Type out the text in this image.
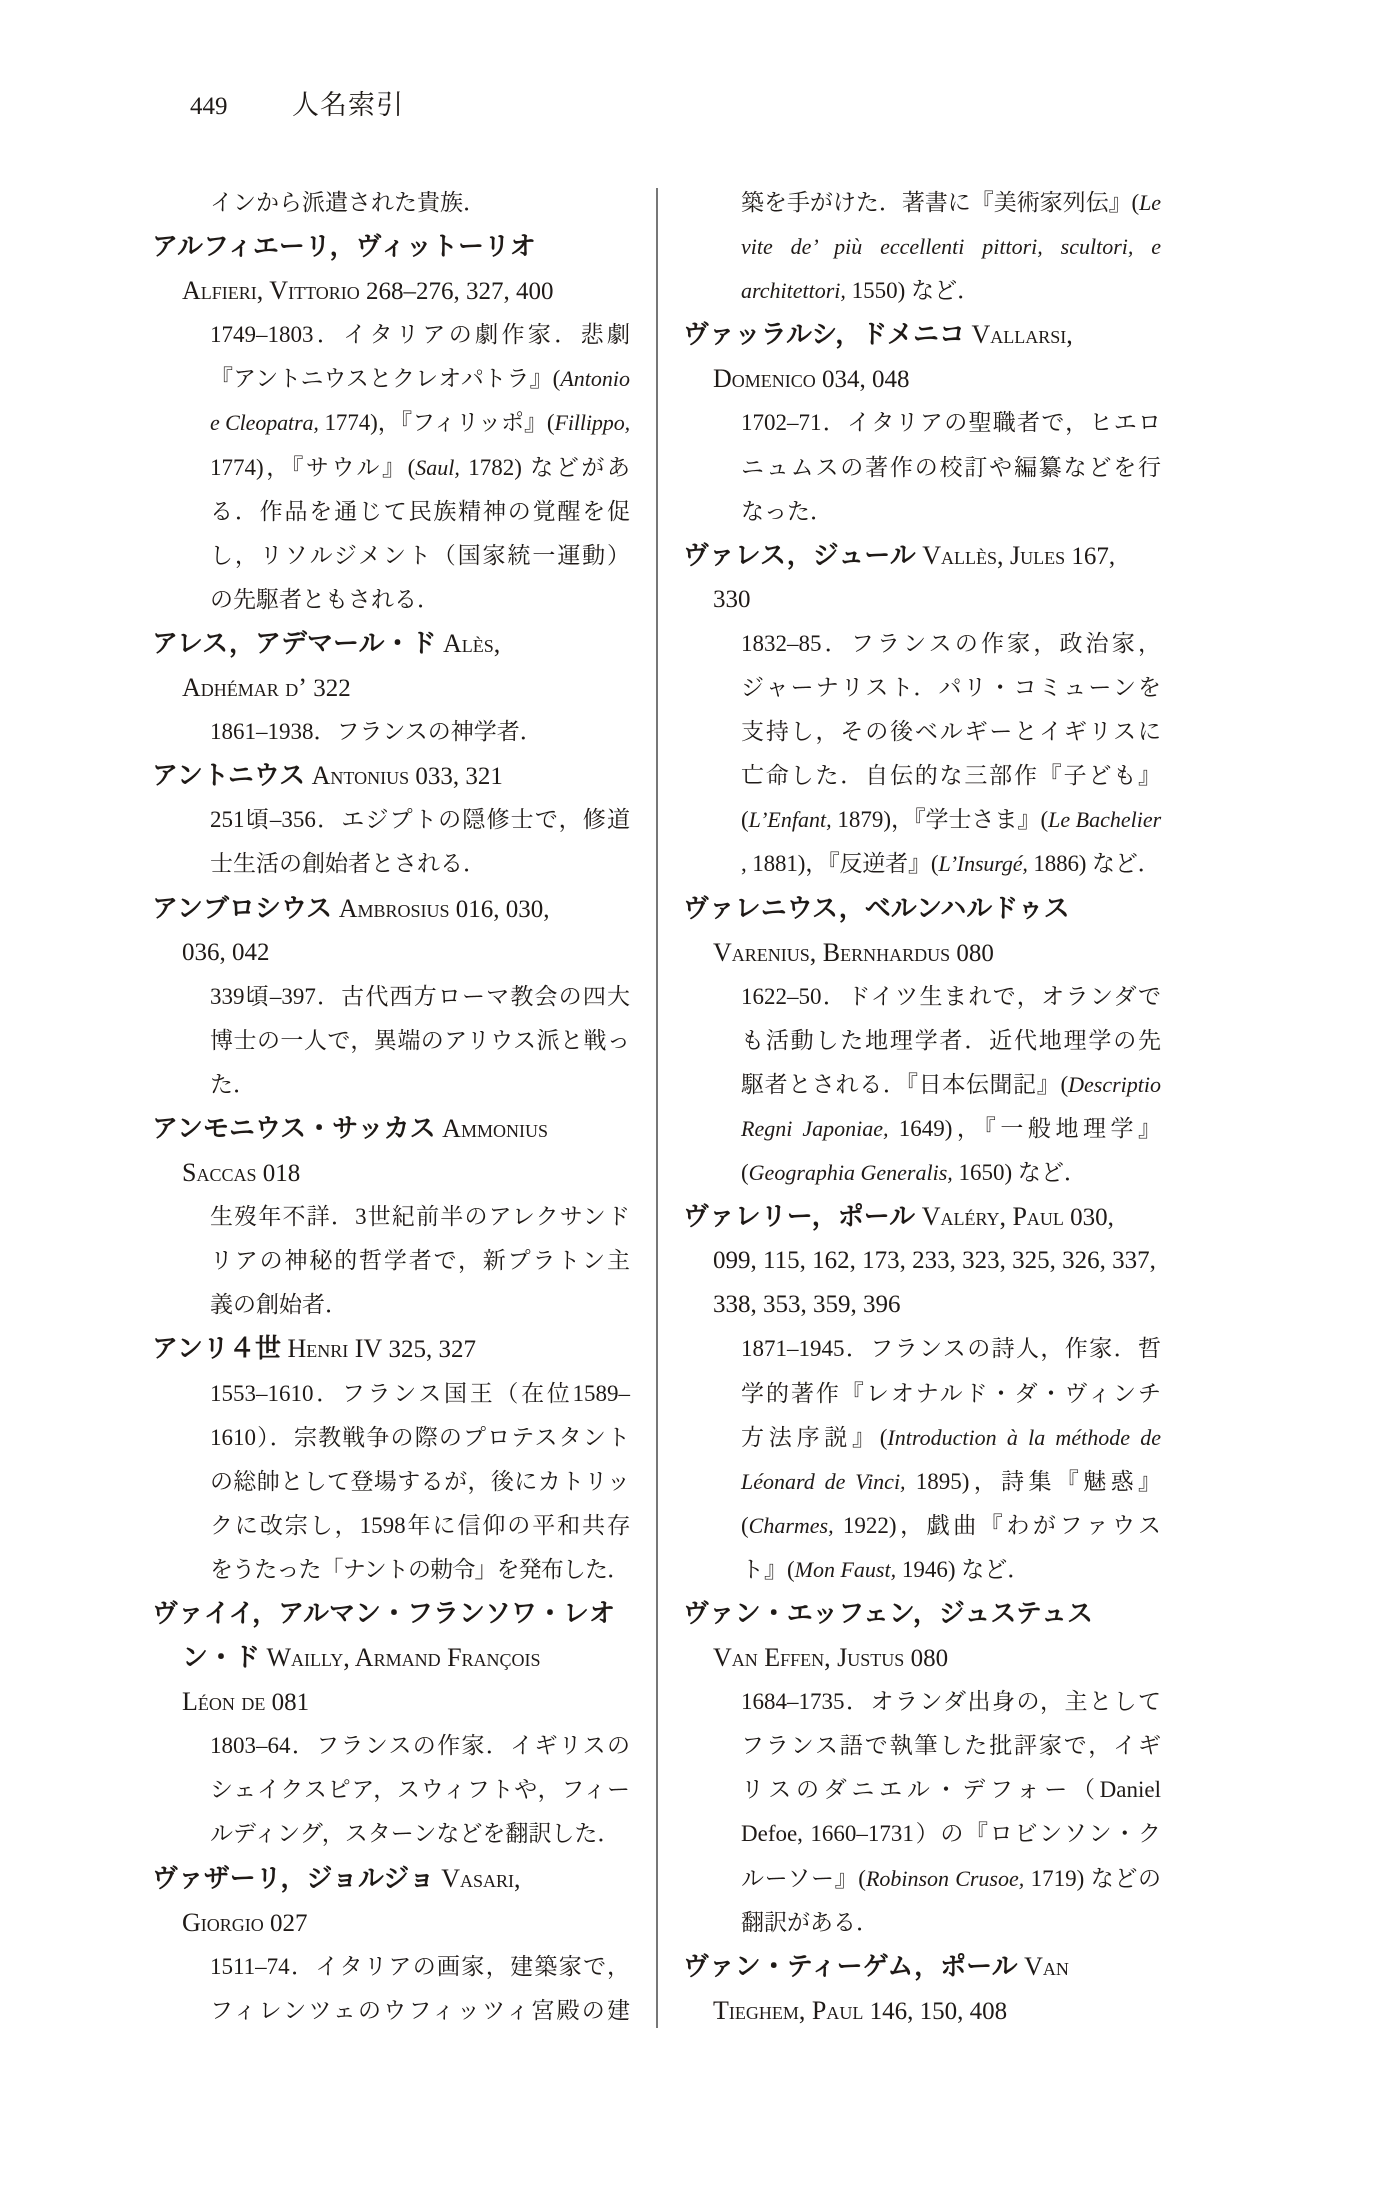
449 人名索引
インから派遣された貴族．
アルフィエーリ，ヴィットーリオ
Alfieri, Vittorio 268–276, 327, 400
1749–1803．イタリアの劇作家．悲劇
『アントニウスとクレオパトラ』(Antonio
e Cleopatra, 1774)，『フィリッポ』(Fillippo,
1774)，『サウル』(Saul, 1782) などがあ
る．作品を通じて民族精神の覚醒を促
し，リソルジメント（国家統一運動）
の先駆者ともされる．
アレス，アデマール・ド Alès,
Adhémar d’ 322
1861–1938．フランスの神学者．
アントニウス Antonius 033, 321
251頃–356．エジプトの隠修士で，修道
士生活の創始者とされる．
アンブロシウス Ambrosius 016, 030,
036, 042
339頃–397．古代西方ローマ教会の四大
博士の一人で，異端のアリウス派と戦っ
た．
アンモニウス・サッカス Ammonius
Saccas 018
生歿年不詳．3世紀前半のアレクサンド
リアの神秘的哲学者で，新プラトン主
義の創始者．
アンリ４世 Henri IV 325, 327
1553–1610．フランス国王（在位1589–
1610）．宗教戦争の際のプロテスタント
の総帥として登場するが，後にカトリッ
クに改宗し，1598年に信仰の平和共存
をうたった「ナントの勅令」を発布した．
ヴァイイ，アルマン・フランソワ・レオ
ン・ド Wailly, Armand François
Léon de 081
1803–64．フランスの作家．イギリスの
シェイクスピア，スウィフトや，フィー
ルディング，スターンなどを翻訳した．
ヴァザーリ，ジョルジョ Vasari,
Giorgio 027
1511–74．イタリアの画家，建築家で，
フィレンツェのウフィッツィ宮殿の建
築を手がけた．著書に『美術家列伝』(Le
vite de’ più eccellenti pittori, scultori, e
architettori, 1550) など．
ヴァッラルシ，ドメニコ Vallarsi,
Domenico 034, 048
1702–71．イタリアの聖職者で，ヒエロ
ニュムスの著作の校訂や編纂などを行
なった．
ヴァレス，ジュール Vallès, Jules 167,
330
1832–85．フランスの作家，政治家，
ジャーナリスト．パリ・コミューンを
支持し，その後ベルギーとイギリスに
亡命した．自伝的な三部作『子ども』
(L’Enfant, 1879)，『学士さま』(Le Bachelier
, 1881)，『反逆者』(L’Insurgé, 1886) など．
ヴァレニウス，ベルンハルドゥス
Varenius, Bernhardus 080
1622–50．ドイツ生まれで，オランダで
も活動した地理学者．近代地理学の先
駆者とされる．『日本伝聞記』(Descriptio
Regni Japoniae, 1649)，『一般地理学』
(Geographia Generalis, 1650) など．
ヴァレリー，ポール Valéry, Paul 030,
099, 115, 162, 173, 233, 323, 325, 326, 337,
338, 353, 359, 396
1871–1945．フランスの詩人，作家．哲
学的著作『レオナルド・ダ・ヴィンチ
方法序説』(Introduction à la méthode de
Léonard de Vinci, 1895)，詩集『魅惑』
(Charmes, 1922)，戯曲『わがファウス
ト』(Mon Faust, 1946) など．
ヴァン・エッフェン，ジュステュス
Van Effen, Justus 080
1684–1735．オランダ出身の，主として
フランス語で執筆した批評家で，イギ
リスのダニエル・デフォー（Daniel
Defoe, 1660–1731）の『ロビンソン・ク
ルーソー』(Robinson Crusoe, 1719) などの
翻訳がある．
ヴァン・ティーゲム，ポール Van
Tieghem, Paul 146, 150, 408
